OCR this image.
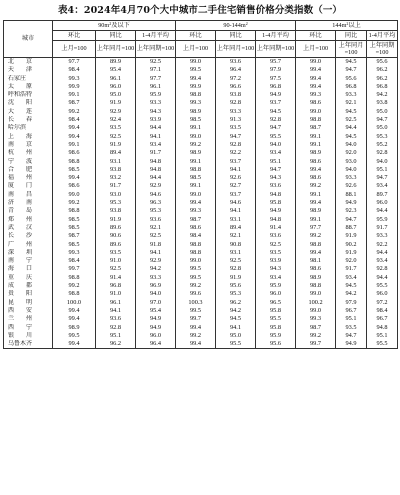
表4：2024年4月70个大中城市二手住宅销售价格分类指数（一）
城市	$90m^2$及以下			$90-144m^2$			$144m^2$以上		
	环比	同比	1-4月平均	环比	同比	1-4月平均	环比	同比	1-4月平均
	上月=100	上年同月=100	上年同期=100	上月=100	上年同月=100	上年同期=100	上月=100	上年同月=100	上年同期=100
北京	97.7	89.9	92.5	99.0	93.6	95.7	99.0	94.5	95.6
天津	98.4	95.4	97.1	99.5	96.4	97.9	99.4	94.7	96.2
石家庄	99.3	96.1	97.7	99.4	97.2	97.5	99.4	95.6	96.2
太原	99.9	96.0	96.1	99.9	96.6	96.8	99.4	96.8	96.8
呼和浩特	99.1	95.0	95.9	98.8	93.8	94.9	99.3	93.3	94.2
沈阳	98.7	91.9	93.3	99.3	92.8	93.7	98.6	92.1	93.8
大连	99.2	92.9	94.3	98.9	93.3	94.5	99.0	94.5	95.0
长春	98.4	92.4	93.9	98.5	91.3	92.8	98.8	92.5	94.7
哈尔滨	99.4	93.5	94.4	99.1	93.5	94.7	98.7	94.4	95.0
上海	99.4	92.5	94.1	99.0	94.7	95.5	99.1	94.5	95.3
南京	99.1	91.9	93.4	99.2	92.8	94.0	99.1	94.0	95.2
杭州	98.6	89.4	91.7	98.9	92.2	93.4	98.9	92.0	92.8
宁波	98.8	93.1	94.8	99.1	93.7	95.1	98.6	93.0	94.0
合肥	98.5	93.8	94.8	98.8	94.1	94.7	99.4	94.0	95.1
福州	99.4	93.2	94.4	98.5	92.6	94.3	98.6	93.3	94.7
厦门	98.6	91.7	92.9	99.1	92.7	93.6	99.2	92.6	93.4
南昌	99.0	93.0	94.6	99.0	93.7	94.8	99.1	88.1	89.7
济南	99.2	95.3	96.3	99.4	94.6	95.8	99.4	94.9	96.0
青岛	98.8	93.8	95.3	99.3	94.1	94.9	98.9	92.3	94.4
郑州	98.5	91.9	93.6	98.7	93.1	94.8	99.1	94.7	95.9
武汉	98.5	89.6	92.1	98.6	89.4	91.4	97.7	88.7	91.7
长沙	98.7	90.6	92.5	98.4	92.1	93.6	99.2	91.9	93.3
广州	98.5	89.6	91.8	98.8	90.8	92.5	98.8	90.2	92.2
深圳	99.3	93.5	94.1	98.8	93.1	93.5	99.4	91.9	94.4
南宁	98.4	91.0	92.9	99.0	92.5	93.9	98.1	92.0	93.4
海口	99.7	92.5	94.2	99.5	92.8	94.3	98.6	91.7	92.8
重庆	98.8	91.4	93.3	99.5	91.9	93.4	98.9	93.4	94.4
成都	99.2	96.8	96.9	99.2	95.6	95.9	98.8	94.5	95.5
贵阳	98.8	91.0	94.0	99.6	95.3	96.0	99.0	94.2	96.0
昆明	100.0	96.1	97.0	100.3	96.2	96.5	100.2	97.9	97.2
西安	99.4	94.1	95.4	99.5	94.2	95.8	99.0	96.7	98.4
兰州	99.4	93.6	94.9	99.7	94.5	95.5	99.3	95.1	96.7
西宁	98.9	92.8	94.9	99.4	94.1	95.8	98.7	93.5	94.8
银川	99.5	95.1	96.0	99.2	95.0	95.9	99.2	94.7	95.1
乌鲁木齐	99.4	96.2	96.4	99.4	95.5	95.6	99.7	94.9	95.5
